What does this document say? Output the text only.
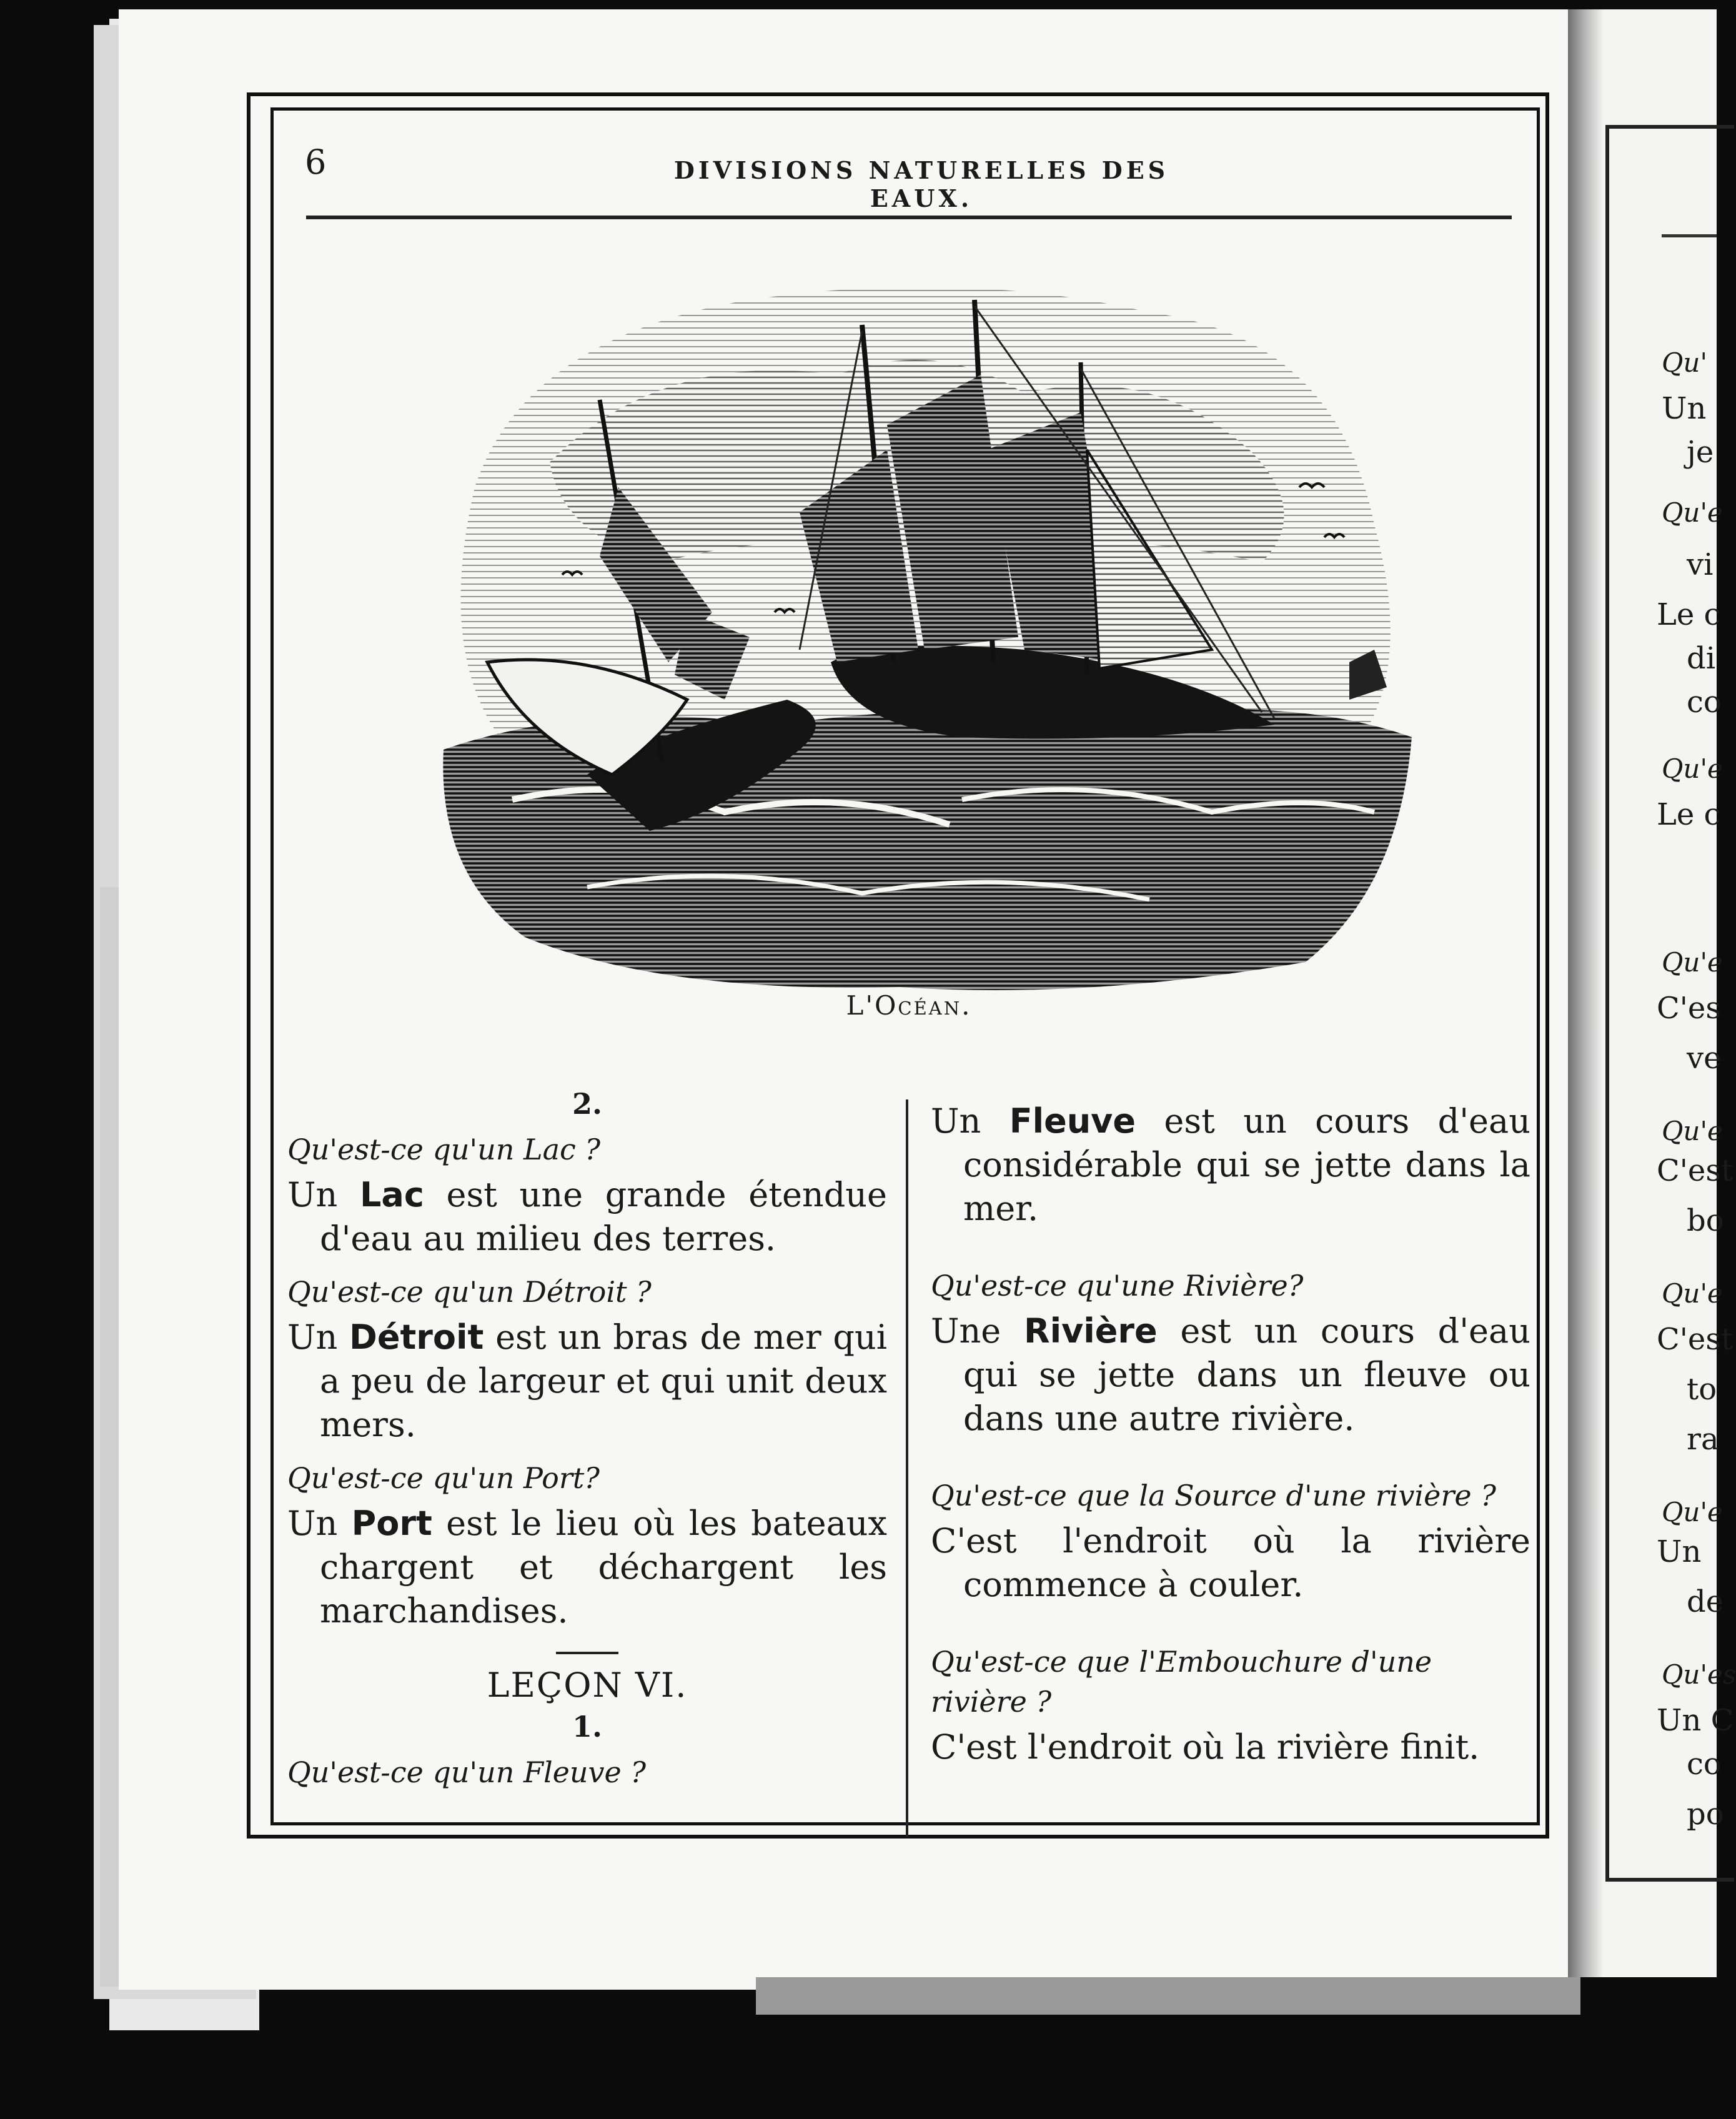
Qu'
Un
je
Qu'e
vi
Le c
di
co
Qu'e
Le c
Qu'e
C'es
ve
Qu'e
C'est
bo
Qu'e
C'est
to
ra
Qu'e
Un
de
Qu'es
Un C
co
po
6	DIVISIONS NATURELLES DES EAUX.
L'Océan.
2.
Qu'est-ce qu'un Lac ?
Un Lac est une grande étendue d'eau au milieu des terres.
Qu'est-ce qu'un Détroit ?
Un Détroit est un bras de mer qui a peu de largeur et qui unit deux mers.
Qu'est-ce qu'un Port?
Un Port est le lieu où les bateaux chargent et déchargent les marchandises.
LEÇON VI.
1.
Qu'est-ce qu'un Fleuve ?
Un Fleuve est un cours d'eau considérable qui se jette dans la mer.
Qu'est-ce qu'une Rivière?
Une Rivière est un cours d'eau qui se jette dans un fleuve ou dans une autre rivière.
Qu'est-ce que la Source d'une rivière ?
C'est l'endroit où la rivière commence à couler.
Qu'est-ce que l'Embouchure d'une rivière ?
C'est l'endroit où la rivière finit.
